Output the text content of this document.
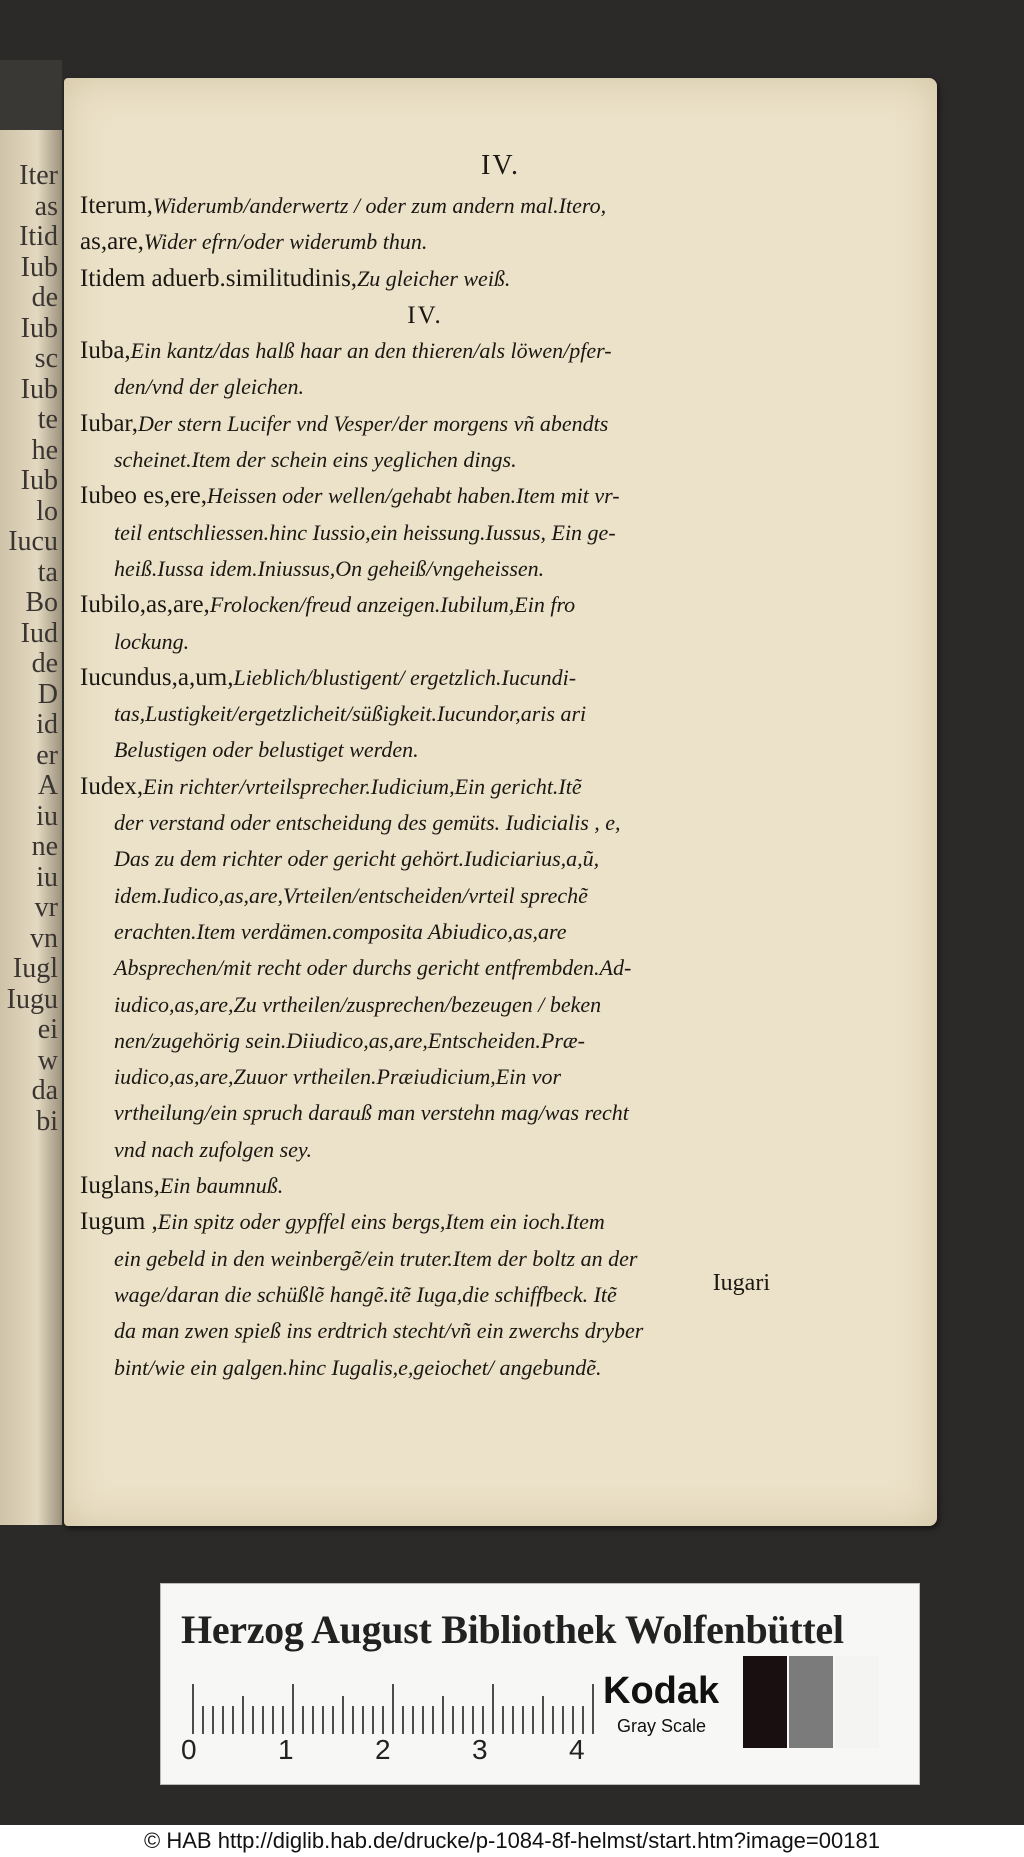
Iter
as
Itid
Iub
de
Iub
sc
Iub
te
he
Iub
lo
Iucu
ta
Bo
Iud
de
D
id
er
A
iu
ne
iu
vr
vn
Iugl
Iugu
ei
w
da
bi
IV.
Iterum,Widerumb/anderwertz / oder zum andern mal.Itero,
as,are,Wider efrn/oder widerumb thun.
Itidem aduerb.similitudinis,Zu gleicher weiß.
IV.
Iuba,Ein kantz/das halß haar an den thieren/als löwen/pfer-
den/vnd der gleichen.
Iubar,Der stern Lucifer vnd Vesper/der morgens vñ abendts
scheinet.Item der schein eins yeglichen dings.
Iubeo es,ere,Heissen oder wellen/gehabt haben.Item mit vr-
teil entschliessen.hinc Iussio,ein heissung.Iussus, Ein ge-
heiß.Iussa idem.Iniussus,On geheiß/vngeheissen.
Iubilo,as,are,Frolocken/freud anzeigen.Iubilum,Ein fro
lockung.
Iucundus,a,um,Lieblich/blustigent/ ergetzlich.Iucundi-
tas,Lustigkeit/ergetzlicheit/süßigkeit.Iucundor,aris ari
Belustigen oder belustiget werden.
Iudex,Ein richter/vrteilsprecher.Iudicium,Ein gericht.Itẽ
der verstand oder entscheidung des gemüts. Iudicialis , e,
Das zu dem richter oder gericht gehört.Iudiciarius,a,ũ,
idem.Iudico,as,are,Vrteilen/entscheiden/vrteil sprechẽ
erachten.Item verdämen.composita Abiudico,as,are
Absprechen/mit recht oder durchs gericht entfrembden.Ad-
iudico,as,are,Zu vrtheilen/zusprechen/bezeugen / beken
nen/zugehörig sein.Diiudico,as,are,Entscheiden.Præ-
iudico,as,are,Zuuor vrtheilen.Præiudicium,Ein vor
vrtheilung/ein spruch darauß man verstehn mag/was recht
vnd nach zufolgen sey.
Iuglans,Ein baumnuß.
Iugum ,Ein spitz oder gypffel eins bergs,Item ein ioch.Item
ein gebeld in den weinbergẽ/ein truter.Item der boltz an der
wage/daran die schüßlẽ hangẽ.itẽ Iuga,die schiffbeck. Itẽ
da man zwen spieß ins erdtrich stecht/vñ ein zwerchs dryber
bint/wie ein galgen.hinc Iugalis,e,geiochet/ angebundẽ.
Iugari
Herzog August Bibliothek Wolfenbüttel
0	1	2	3	4
Kodak
Gray Scale
© HAB http://diglib.hab.de/drucke/p-1084-8f-helmst/start.htm?image=00181
